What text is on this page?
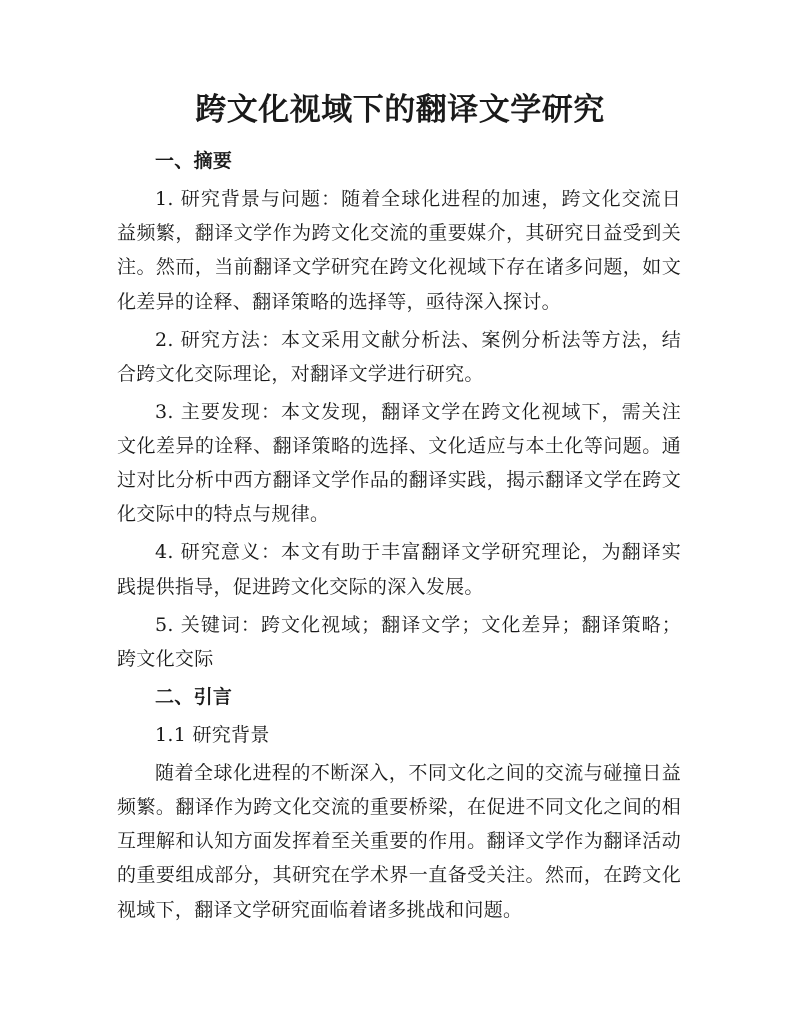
跨文化视域下的翻译文学研究
一、摘要
1. 研究背景与问题：随着全球化进程的加速，跨文化交流日益频繁，翻译文学作为跨文化交流的重要媒介，其研究日益受到关注。然而，当前翻译文学研究在跨文化视域下存在诸多问题，如文化差异的诠释、翻译策略的选择等，亟待深入探讨。
2. 研究方法：本文采用文献分析法、案例分析法等方法，结合跨文化交际理论，对翻译文学进行研究。
3. 主要发现：本文发现，翻译文学在跨文化视域下，需关注文化差异的诠释、翻译策略的选择、文化适应与本土化等问题。通过对比分析中西方翻译文学作品的翻译实践，揭示翻译文学在跨文化交际中的特点与规律。
4. 研究意义：本文有助于丰富翻译文学研究理论，为翻译实践提供指导，促进跨文化交际的深入发展。
5. 关键词：跨文化视域；翻译文学；文化差异；翻译策略；跨文化交际
二、引言
1.1 研究背景
随着全球化进程的不断深入，不同文化之间的交流与碰撞日益频繁。翻译作为跨文化交流的重要桥梁，在促进不同文化之间的相互理解和认知方面发挥着至关重要的作用。翻译文学作为翻译活动的重要组成部分，其研究在学术界一直备受关注。然而，在跨文化视域下，翻译文学研究面临着诸多挑战和问题。
